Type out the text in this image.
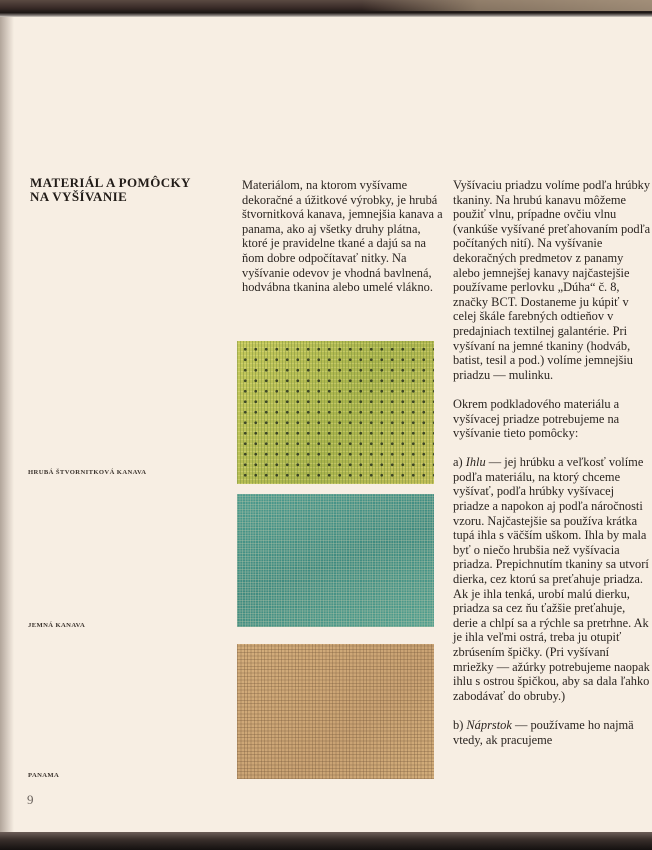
MATERIÁL A POMÔCKY
NA VYŠÍVANIE

Materiálom, na ktorom vyšívame dekoračné a úžitkové výrobky, je hrubá štvornitková kanava, jemnejšia kanava a panama, ako aj všetky druhy plátna, ktoré je pravidelne tkané a dajú sa na ňom dobre odpočítavať nitky. Na vyšívanie odevov je vhodná bavlnená, hodvábna tkanina alebo umelé vlákno.

Vyšívaciu priadzu volíme podľa hrúbky tkaniny. Na hrubú kanavu môžeme použiť vlnu, prípadne ovčiu vlnu (vankúše vyšívané preťahovaním podľa počítaných nití). Na vyšívanie dekoračných predmetov z panamy alebo jemnejšej kanavy najčastejšie používame perlovku „Dúha“ č. 8, značky BCT. Dostaneme ju kúpiť v celej škále farebných odtieňov v predajniach textilnej galantérie. Pri vyšívaní na jemné tkaniny (hodváb, batist, tesil a pod.) volíme jemnejšiu priadzu — mulinku.

Okrem podkladového materiálu a vyšívacej priadze potrebujeme na vyšívanie tieto pomôcky:

a) Ihlu — jej hrúbku a veľkosť volíme podľa materiálu, na ktorý chceme vyšívať, podľa hrúbky vyšívacej priadze a napokon aj podľa náročnosti vzoru. Najčastejšie sa používa krátka tupá ihla s väčším uškom. Ihla by mala byť o niečo hrubšia než vyšívacia priadza. Prepichnutím tkaniny sa utvorí dierka, cez ktorú sa preťahuje priadza. Ak je ihla tenká, urobí malú dierku, priadza sa cez ňu ťažšie preťahuje, derie a chlpí sa a rýchle sa pretrhne. Ak je ihla veľmi ostrá, treba ju otupiť zbrúsením špičky. (Pri vyšívaní mriežky — ažúrky potrebujeme naopak ihlu s ostrou špičkou, aby sa dala ľahko zabodávať do obruby.)

b) Náprstok — používame ho najmä vtedy, ak pracujeme

HRUBÁ ŠTVORNITKOVÁ KANAVA
JEMNÁ KANAVA
PANAMA
9
